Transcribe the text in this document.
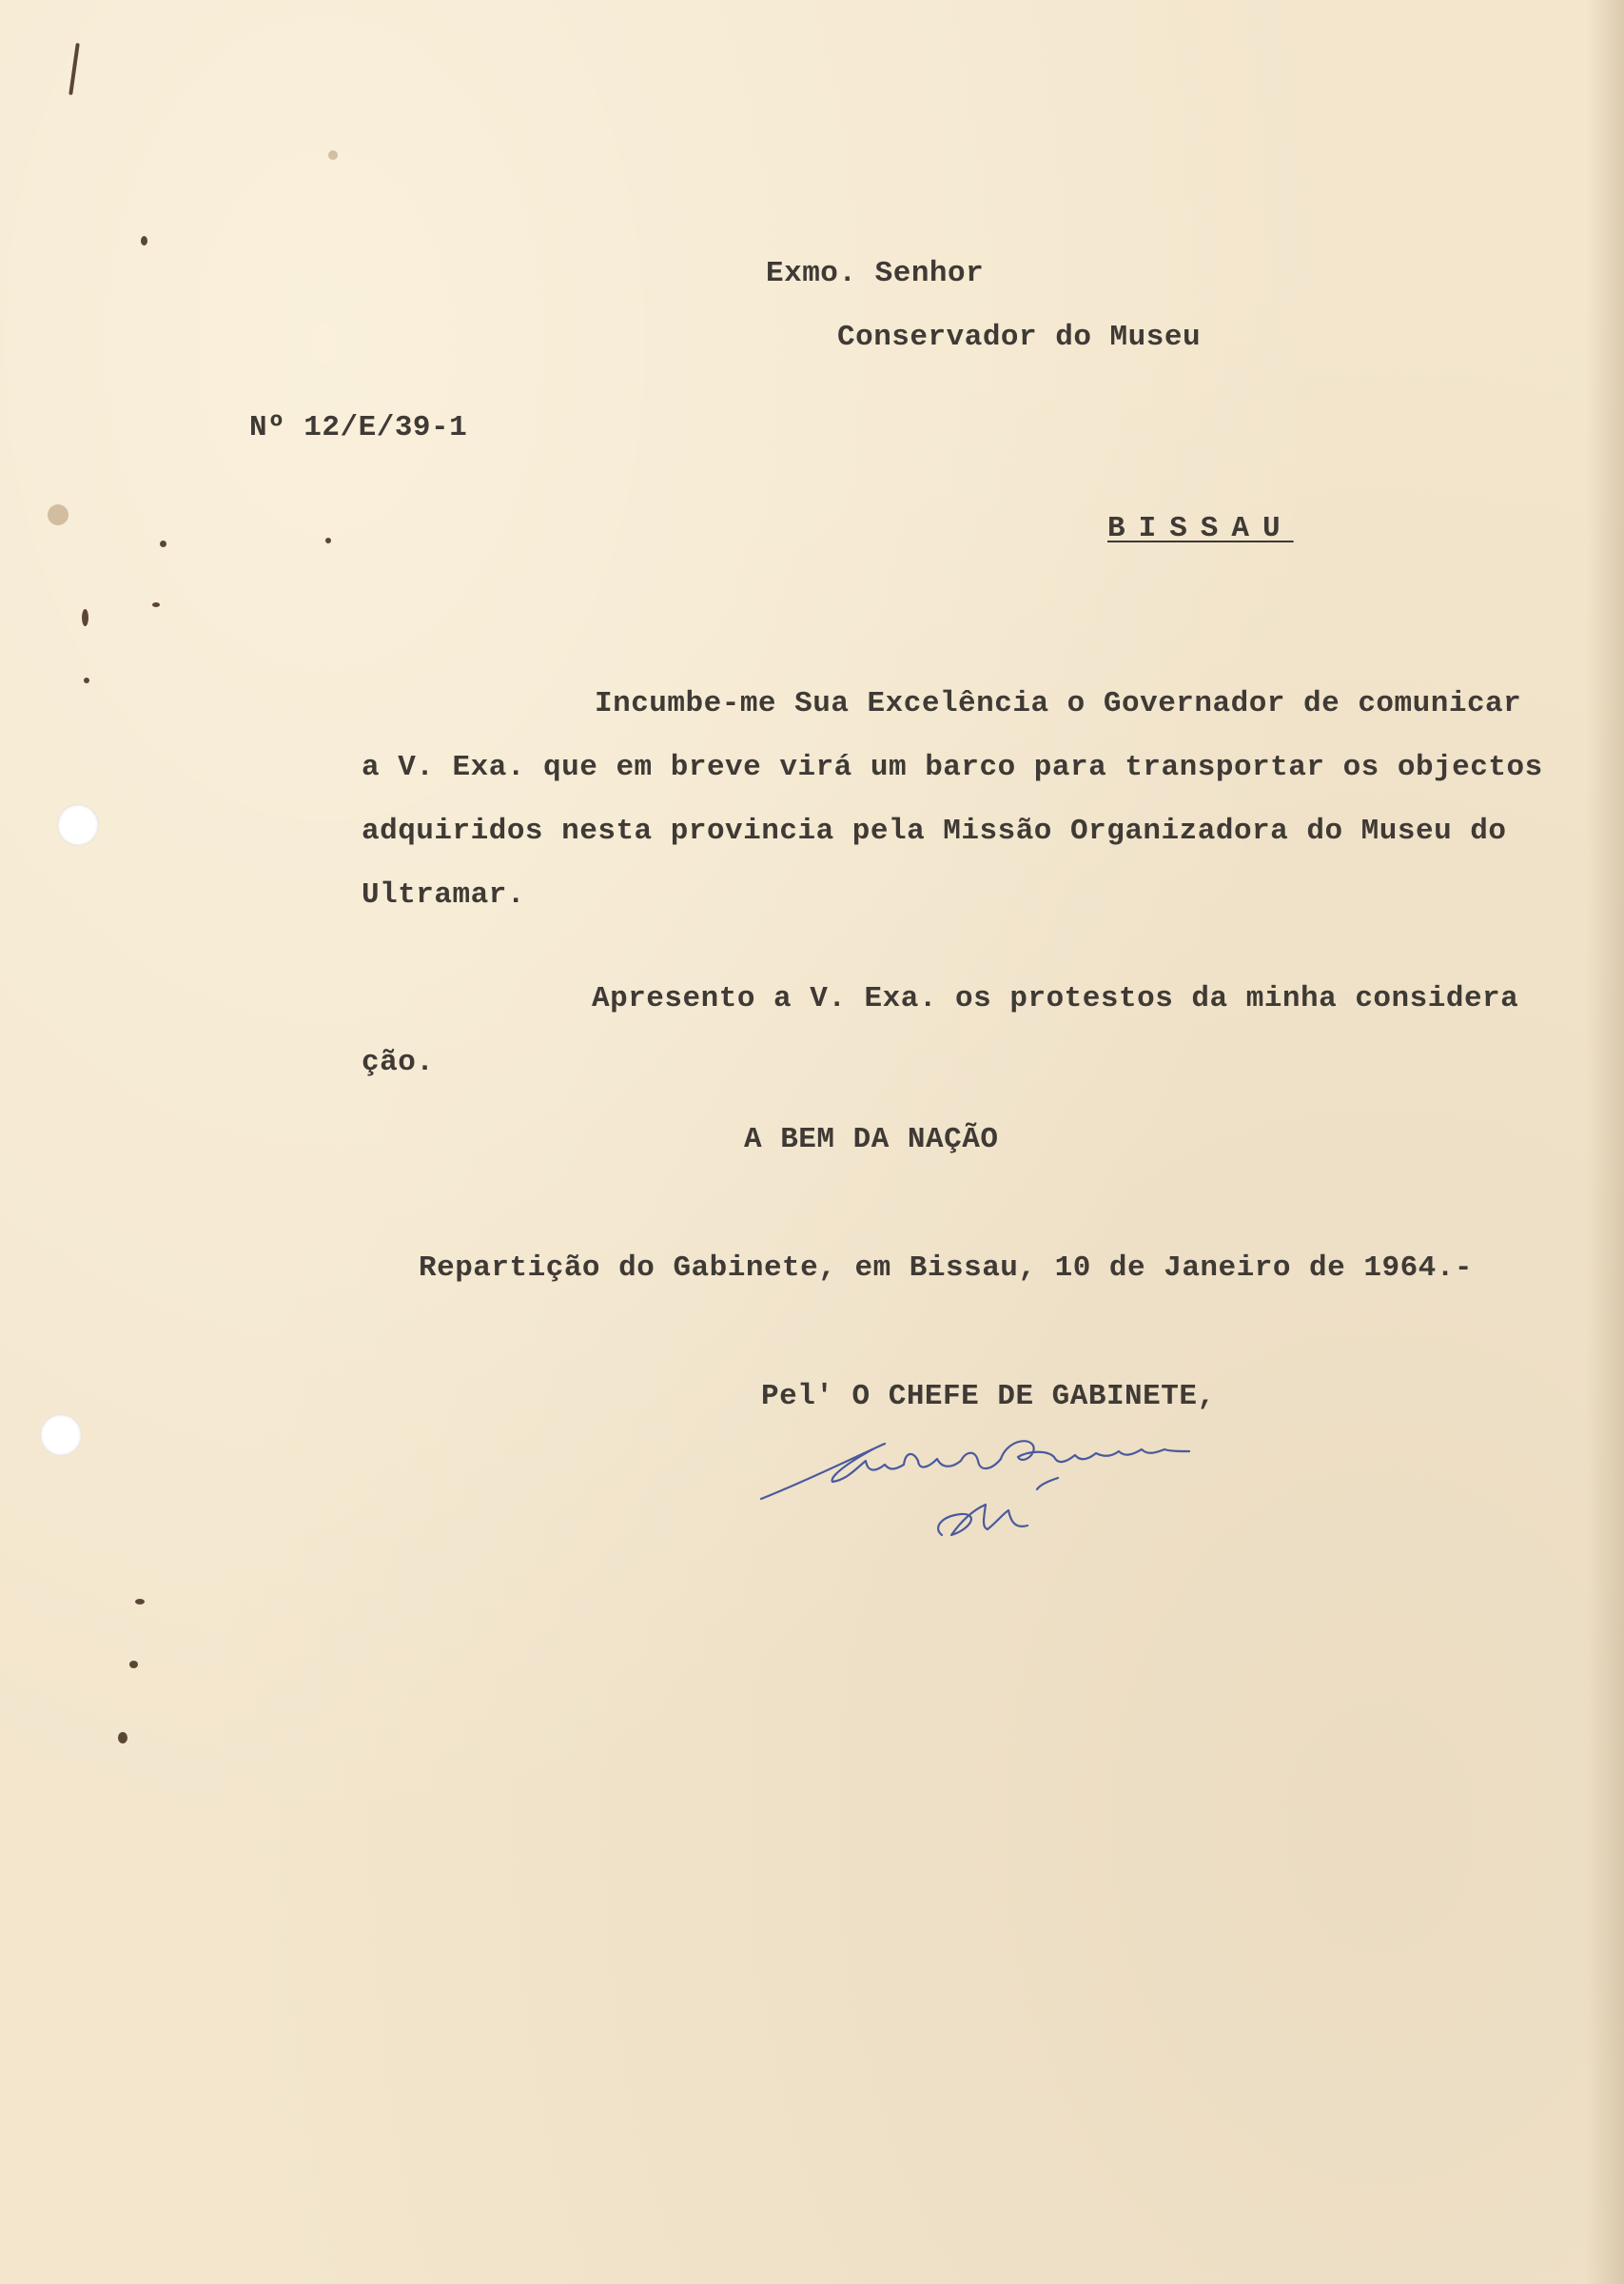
Exmo. Senhor
Conservador do Museu
Nº 12/E/39-1
BISSAU
Incumbe-me Sua Excelência o Governador de comunicar
a V. Exa. que em breve virá um barco para transportar os objectos
adquiridos nesta provincia pela Missão Organizadora do Museu do
Ultramar.
Apresento a V. Exa. os protestos da minha considera
ção.
A BEM DA NAÇÃO
Repartição do Gabinete, em Bissau, 10 de Janeiro de 1964.-
Pel' O CHEFE DE GABINETE,
